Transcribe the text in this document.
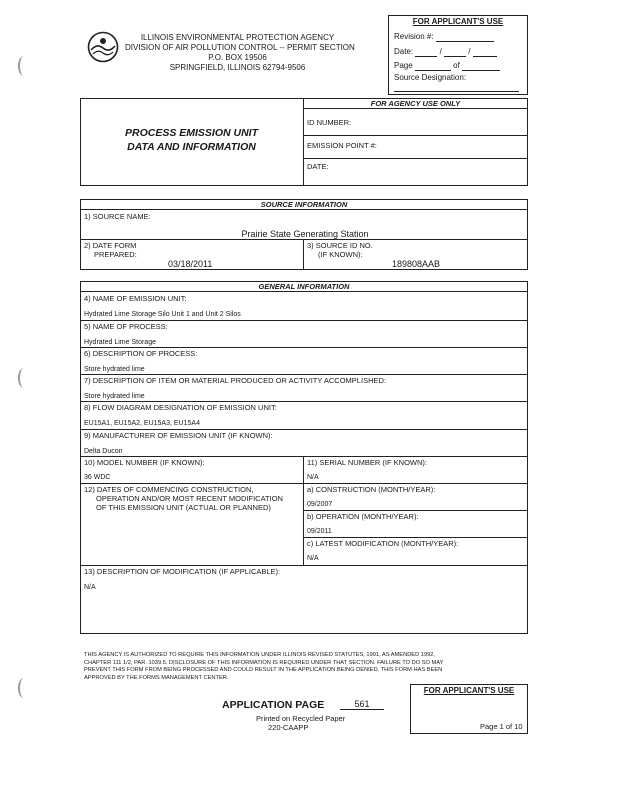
ILLINOIS ENVIRONMENTAL PROTECTION AGENCY
DIVISION OF AIR POLLUTION CONTROL -- PERMIT SECTION
P.O. BOX 19506
SPRINGFIELD, ILLINOIS 62794-9506
FOR APPLICANT'S USE
Revision #:
Date:	/	/
Page	of
Source Designation:
PROCESS EMISSION UNIT
DATA AND INFORMATION
FOR AGENCY USE ONLY
ID NUMBER:
EMISSION POINT #:
DATE:
SOURCE INFORMATION
1) SOURCE NAME:
Prairie State Generating Station
2) DATE FORM
PREPARED:
03/18/2011
3) SOURCE ID NO.
(IF KNOWN):
189808AAB
GENERAL INFORMATION
4) NAME OF EMISSION UNIT:
Hydrated Lime Storage Silo Unit 1 and Unit 2 Silos
5) NAME OF PROCESS:
Hydrated Lime Storage
6) DESCRIPTION OF PROCESS:
Store hydrated lime
7) DESCRIPTION OF ITEM OR MATERIAL PRODUCED OR ACTIVITY ACCOMPLISHED:
Store hydrated lime
8) FLOW DIAGRAM DESIGNATION OF EMISSION UNIT:
EU15A1, EU15A2, EU15A3, EU15A4
9) MANUFACTURER OF EMISSION UNIT (IF KNOWN):
Delta Ducon
10) MODEL NUMBER (IF KNOWN):
36 WDC
11) SERIAL NUMBER (IF KNOWN):
N/A
12) DATES OF COMMENCING CONSTRUCTION,
OPERATION AND/OR MOST RECENT MODIFICATION
OF THIS EMISSION UNIT (ACTUAL OR PLANNED)
a) CONSTRUCTION (MONTH/YEAR):
09/2007
b) OPERATION (MONTH/YEAR):
09/2011
c) LATEST MODIFICATION (MONTH/YEAR):
N/A
13) DESCRIPTION OF MODIFICATION (IF APPLICABLE):
N/A
THIS AGENCY IS AUTHORIZED TO REQUIRE THIS INFORMATION UNDER ILLINOIS REVISED STATUTES, 1991, AS AMENDED 1992,
CHAPTER 111 1/2, PAR. 1039.5. DISCLOSURE OF THIS INFORMATION IS REQUIRED UNDER THAT SECTION. FAILURE TO DO SO MAY
PREVENT THIS FORM FROM BEING PROCESSED AND COULD RESULT IN THE APPLICATION BEING DENIED. THIS FORM HAS BEEN
APPROVED BY THE FORMS MANAGEMENT CENTER.
FOR APPLICANT'S USE
APPLICATION PAGE	561
Printed on Recycled Paper
220-CAAPP	Page 1 of 10
